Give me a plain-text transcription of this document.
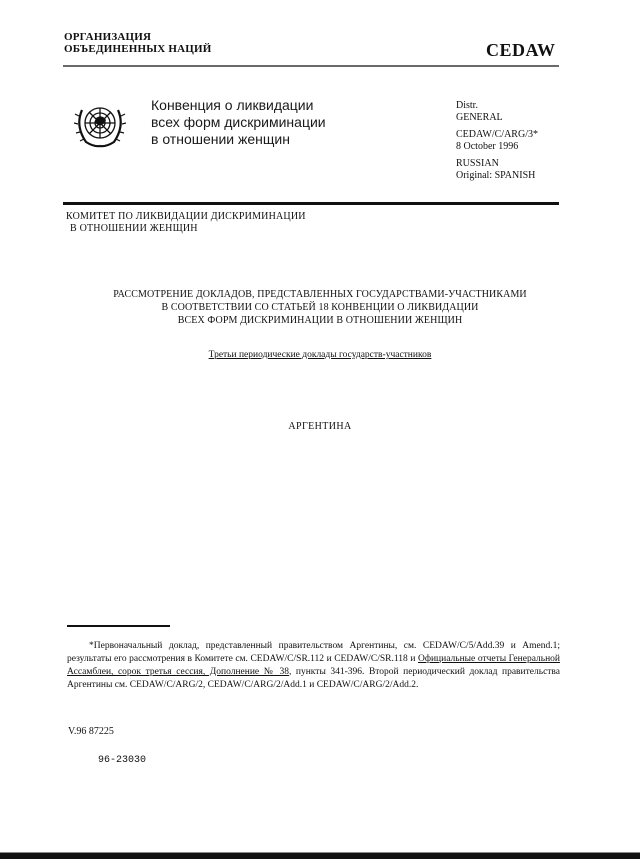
ОРГАНИЗАЦИЯ
ОБЪЕДИНЕННЫХ НАЦИЙ	CEDAW
Конвенция о ликвидации
всех форм дискриминации
в отношении женщин
Distr.
GENERAL
CEDAW/C/ARG/3*
8 October 1996
RUSSIAN
Original: SPANISH
КОМИТЕТ ПО ЛИКВИДАЦИИ ДИСКРИМИНАЦИИ
В ОТНОШЕНИИ ЖЕНЩИН
РАССМОТРЕНИЕ ДОКЛАДОВ, ПРЕДСТАВЛЕННЫХ ГОСУДАРСТВАМИ-УЧАСТНИКАМИ
В СООТВЕТСТВИИ СО СТАТЬЕЙ 18 КОНВЕНЦИИ О ЛИКВИДАЦИИ
ВСЕХ ФОРМ ДИСКРИМИНАЦИИ В ОТНОШЕНИИ ЖЕНЩИН
Третьи периодические доклады государств-участников
АРГЕНТИНА
*Первоначальный доклад, представленный правительством Аргентины, см. CEDAW/C/5/Add.39 и Amend.1; результаты его рассмотрения в Комитете см. CEDAW/C/SR.112 и CEDAW/C/SR.118 и Официальные отчеты Генеральной Ассамблеи, сорок третья сессия, Дополнение № 38, пункты 341-396. Второй периодический доклад правительства Аргентины см. CEDAW/C/ARG/2, CEDAW/C/ARG/2/Add.1 и CEDAW/C/ARG/2/Add.2.
V.96 87225
96-23030
